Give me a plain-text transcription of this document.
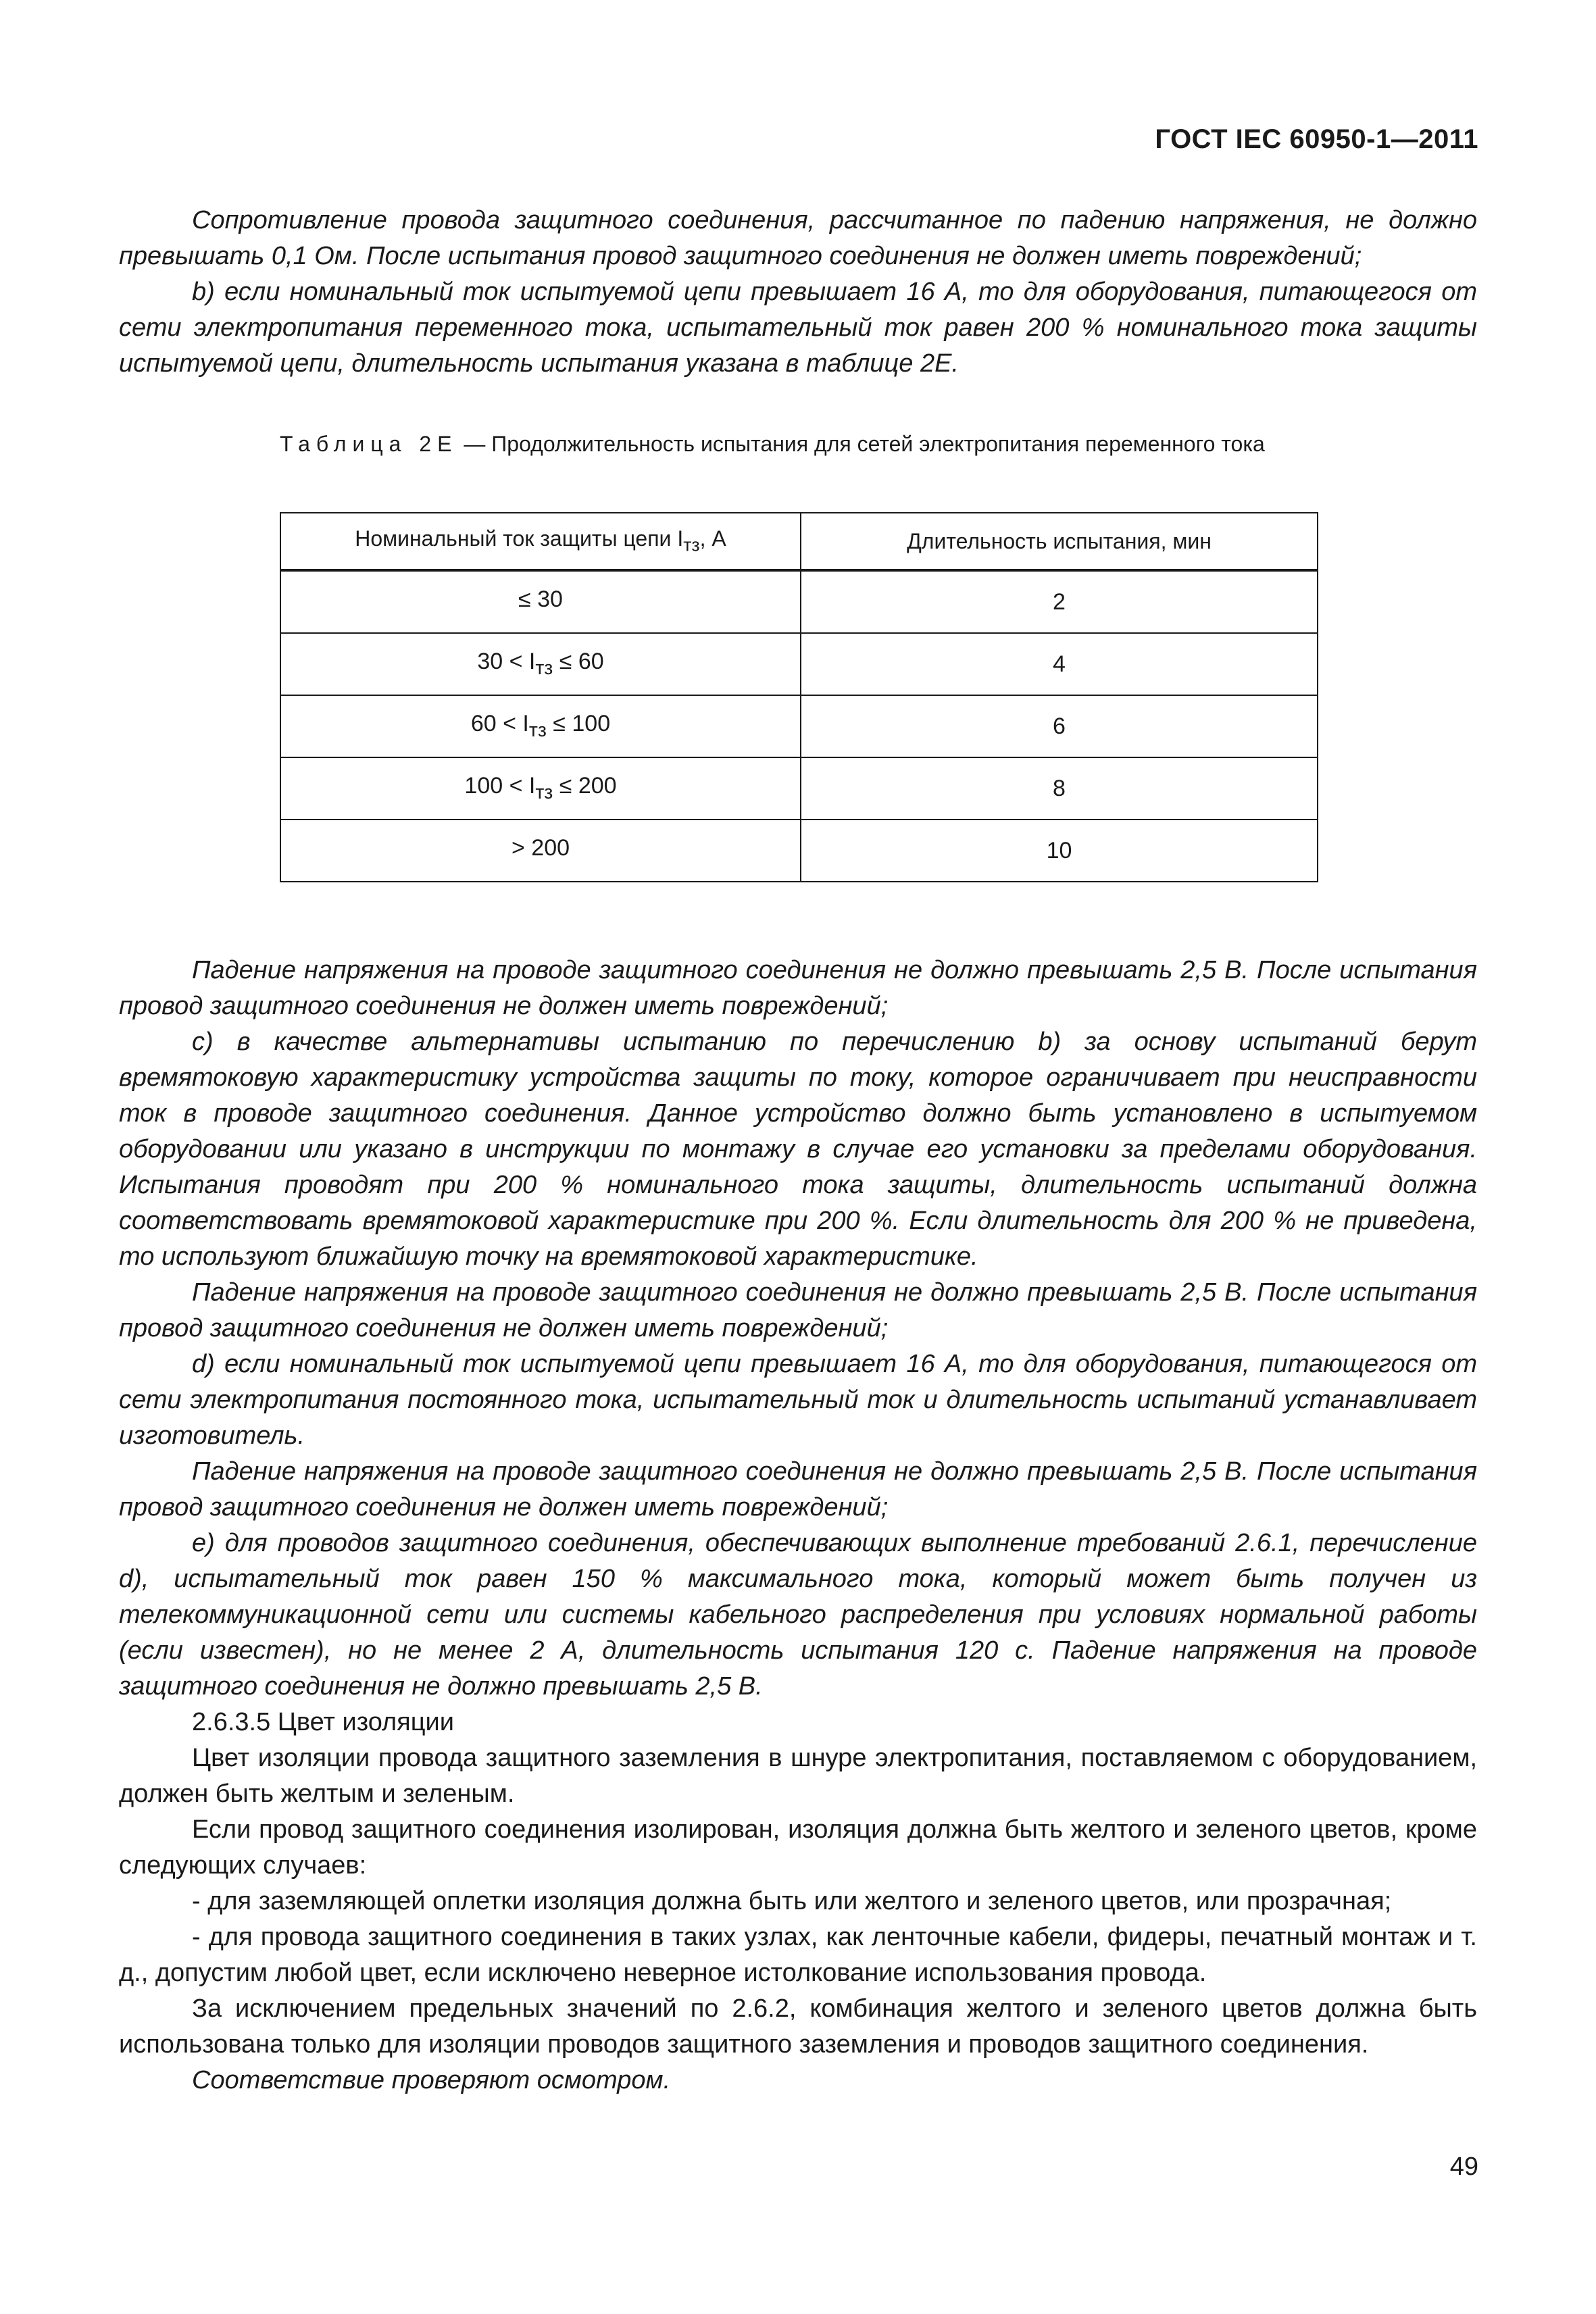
ГОСТ IEC 60950-1—2011

Сопротивление провода защитного соединения, рассчитанное по падению напряжения, не должно превышать 0,1 Ом. После испытания провод защитного соединения не должен иметь повреждений;

b) если номинальный ток испытуемой цепи превышает 16 А, то для оборудования, питающегося от сети электропитания переменного тока, испытательный ток равен 200 % номинального тока защиты испытуемой цепи, длительность испытания указана в таблице 2E.

Таблица 2E — Продолжительность испытания для сетей электропитания переменного тока
Номинальный ток защиты цепи $I_{тз}$, А	Длительность испытания, мин
≤ 30	2
$30 < I_{тз} \le 60$	4
$60 < I_{тз} \le 100$	6
$100 < I_{тз} \le 200$	8
> 200	10

Падение напряжения на проводе защитного соединения не должно превышать 2,5 В. После испытания провод защитного соединения не должен иметь повреждений;

c) в качестве альтернативы испытанию по перечислению b) за основу испытаний берут времятоковую характеристику устройства защиты по току, которое ограничивает при неисправности ток в проводе защитного соединения. Данное устройство должно быть установлено в испытуемом оборудовании или указано в инструкции по монтажу в случае его установки за пределами оборудования. Испытания проводят при 200 % номинального тока защиты, длительность испытаний должна соответствовать времятоковой характеристике при 200 %. Если длительность для 200 % не приведена, то используют ближайшую точку на времятоковой характеристике.

Падение напряжения на проводе защитного соединения не должно превышать 2,5 В. После испытания провод защитного соединения не должен иметь повреждений;

d) если номинальный ток испытуемой цепи превышает 16 А, то для оборудования, питающегося от сети электропитания постоянного тока, испытательный ток и длительность испытаний устанавливает изготовитель.

Падение напряжения на проводе защитного соединения не должно превышать 2,5 В. После испытания провод защитного соединения не должен иметь повреждений;

e) для проводов защитного соединения, обеспечивающих выполнение требований 2.6.1, перечисление d), испытательный ток равен 150 % максимального тока, который может быть получен из телекоммуникационной сети или системы кабельного распределения при условиях нормальной работы (если известен), но не менее 2 А, длительность испытания 120 с. Падение напряжения на проводе защитного соединения не должно превышать 2,5 В.

2.6.3.5 Цвет изоляции

Цвет изоляции провода защитного заземления в шнуре электропитания, поставляемом с оборудованием, должен быть желтым и зеленым.

Если провод защитного соединения изолирован, изоляция должна быть желтого и зеленого цветов, кроме следующих случаев:

- для заземляющей оплетки изоляция должна быть или желтого и зеленого цветов, или прозрачная;

- для провода защитного соединения в таких узлах, как ленточные кабели, фидеры, печатный монтаж и т. д., допустим любой цвет, если исключено неверное истолкование использования провода.

За исключением предельных значений по 2.6.2, комбинация желтого и зеленого цветов должна быть использована только для изоляции проводов защитного заземления и проводов защитного соединения.

Соответствие проверяют осмотром.

49
